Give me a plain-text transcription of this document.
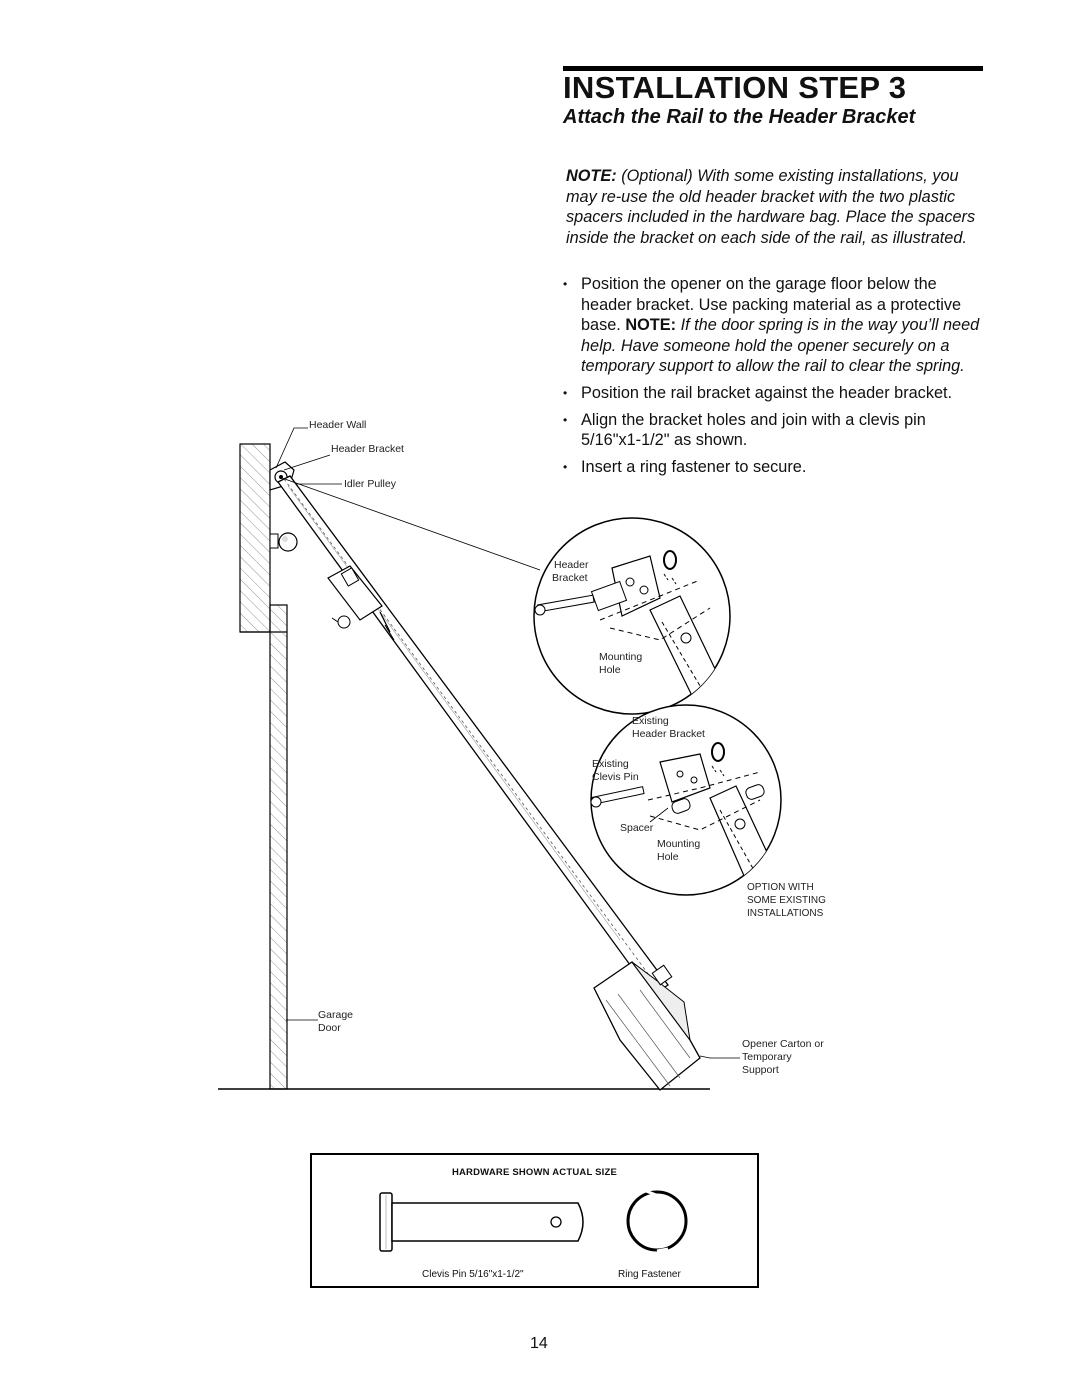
INSTALLATION STEP 3
Attach the Rail to the Header Bracket
NOTE: (Optional) With some existing installations, you may re-use the old header bracket with the two plastic spacers included in the hardware bag. Place the spacers inside the bracket on each side of the rail, as illustrated.
• Position the opener on the garage floor below the header bracket. Use packing material as a protective base. NOTE: If the door spring is in the way you’ll need help. Have someone hold the opener securely on a temporary support to allow the rail to clear the spring.
• Position the rail bracket against the header bracket.
• Align the bracket holes and join with a clevis pin 5/16"x1-1/2" as shown.
• Insert a ring fastener to secure.
Header Wall
Header Bracket
Idler Pulley
Garage
Door
Header
Bracket
Mounting
Hole
Existing
Header Bracket
Existing
Clevis Pin
Spacer
Mounting
Hole
OPTION WITH
SOME EXISTING
INSTALLATIONS
Opener Carton or
Temporary
Support
HARDWARE SHOWN ACTUAL SIZE
Clevis Pin 5/16"x1-1/2"	Ring Fastener
14
